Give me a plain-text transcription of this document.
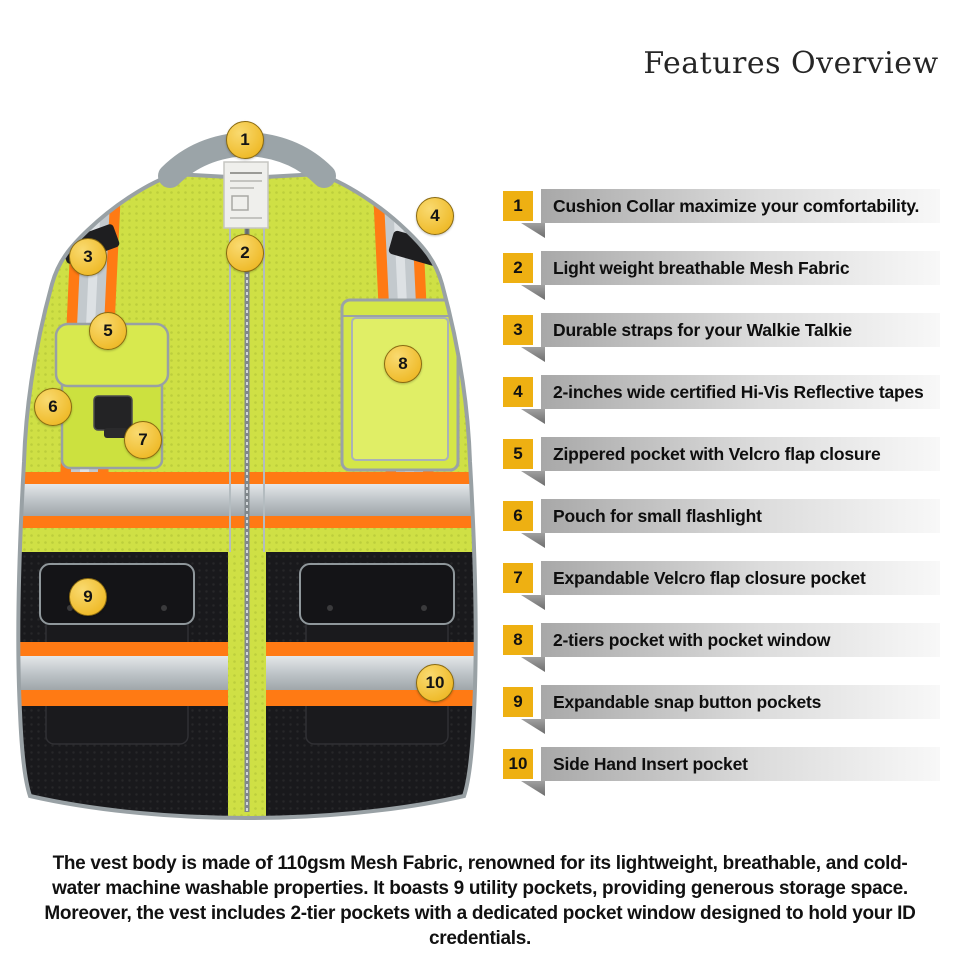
Features Overview
1
2
3
4
5
6
7
8
9
10
1	Cushion Collar maximize your comfortability.
2	Light weight breathable Mesh Fabric
3	Durable straps for your Walkie Talkie
4	2-inches wide certified Hi-Vis Reflective tapes
5	Zippered pocket with Velcro flap closure
6	Pouch for small flashlight
7	Expandable Velcro flap closure pocket
8	2-tiers pocket with pocket window
9	Expandable snap button pockets
10	Side Hand Insert pocket
The vest body is made of 110gsm Mesh Fabric, renowned for its lightweight, breathable, and cold-water machine washable properties. It boasts 9 utility pockets, providing generous storage space. Moreover, the vest includes 2-tier pockets with a dedicated pocket window designed to hold your ID credentials.
